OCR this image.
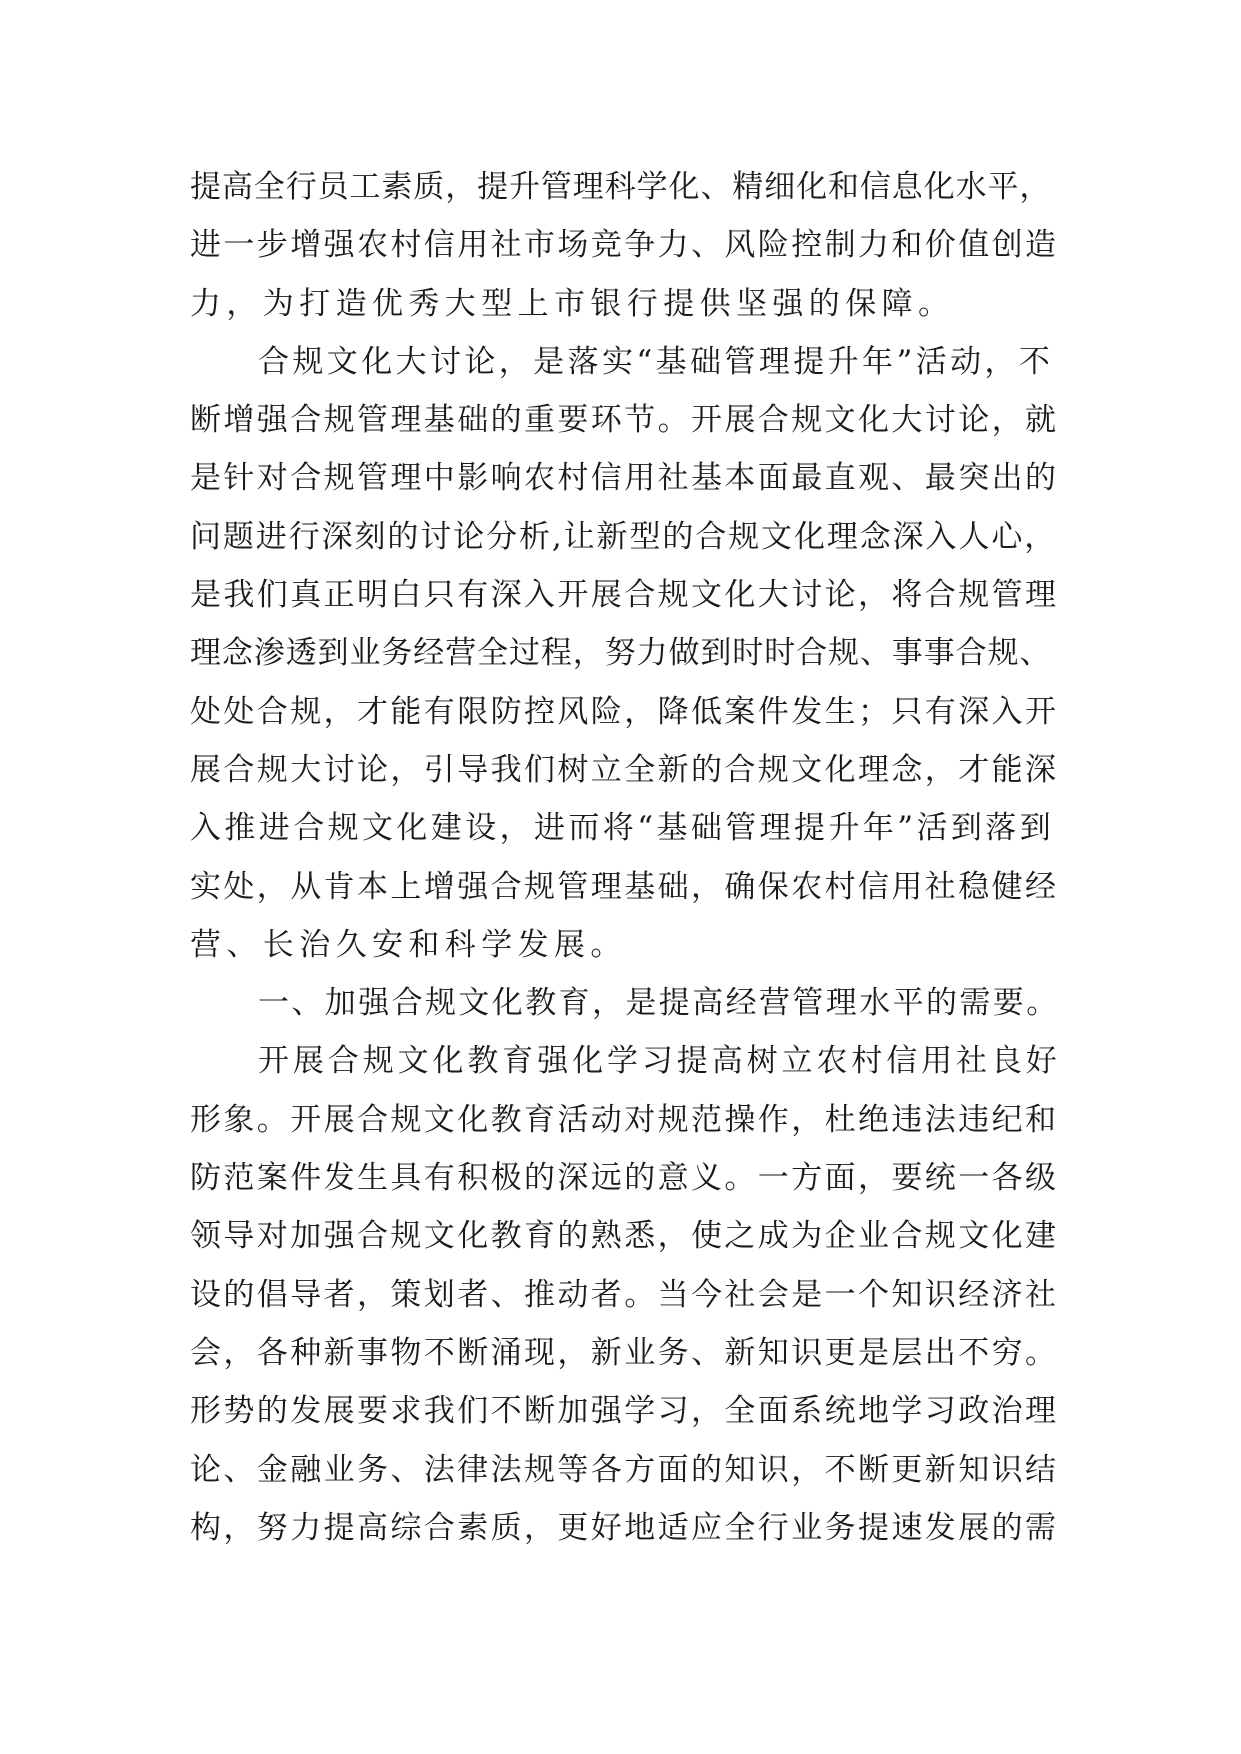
提高全行员工素质，提升管理科学化、精细化和信息化水平，
进一步增强农村信用社市场竞争力、风险控制力和价值创造
力，为打造优秀大型上市银行提供坚强的保障。
合规文化大讨论，是落实“基础管理提升年”活动，不
断增强合规管理基础的重要环节。开展合规文化大讨论，就
是针对合规管理中影响农村信用社基本面最直观、最突出的
问题进行深刻的讨论分析,让新型的合规文化理念深入人心，
是我们真正明白只有深入开展合规文化大讨论，将合规管理
理念渗透到业务经营全过程，努力做到时时合规、事事合规、
处处合规，才能有限防控风险，降低案件发生；只有深入开
展合规大讨论，引导我们树立全新的合规文化理念，才能深
入推进合规文化建设，进而将“基础管理提升年”活到落到
实处，从肯本上增强合规管理基础，确保农村信用社稳健经
营、长治久安和科学发展。
一、加强合规文化教育，是提高经营管理水平的需要。
开展合规文化教育强化学习提高树立农村信用社良好
形象。开展合规文化教育活动对规范操作，杜绝违法违纪和
防范案件发生具有积极的深远的意义。一方面，要统一各级
领导对加强合规文化教育的熟悉，使之成为企业合规文化建
设的倡导者，策划者、推动者。当今社会是一个知识经济社
会，各种新事物不断涌现，新业务、新知识更是层出不穷。
形势的发展要求我们不断加强学习，全面系统地学习政治理
论、金融业务、法律法规等各方面的知识，不断更新知识结
构，努力提高综合素质，更好地适应全行业务提速发展的需
